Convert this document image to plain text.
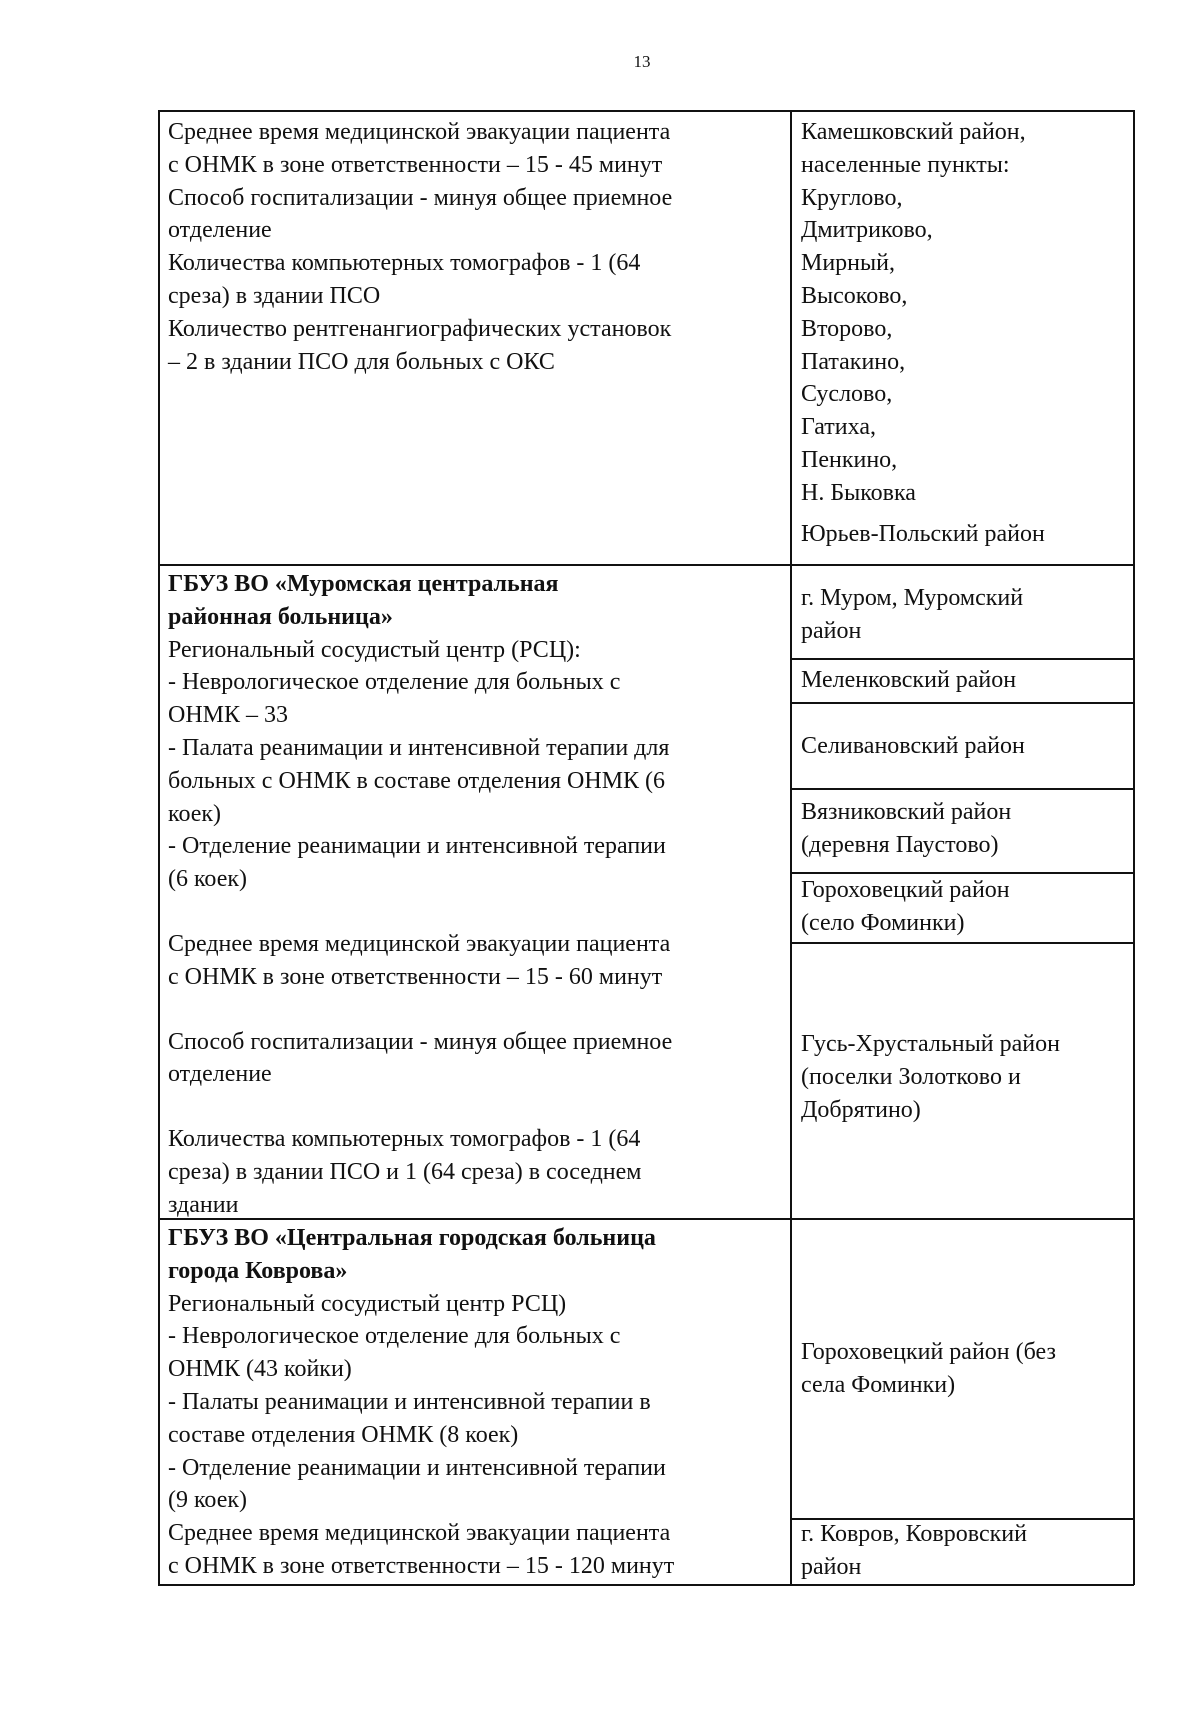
13
Среднее время медицинской эвакуации пациента
с ОНМК в зоне ответственности – 15 - 45 минут
Способ госпитализации - минуя общее приемное
отделение
Количества компьютерных томографов - 1 (64
среза) в здании ПСО
Количество рентгенангиографических установок
– 2 в здании ПСО для больных с ОКС
Камешковский район,
населенные пункты:
Круглово,
Дмитриково,
Мирный,
Высоково,
Второво,
Патакино,
Суслово,
Гатиха,
Пенкино,
Н. Быковка
Юрьев-Польский район
ГБУЗ ВО «Муромская центральная
районная больница»
Региональный сосудистый центр (РСЦ):
- Неврологическое отделение для больных с
ОНМК – 33
- Палата реанимации и интенсивной терапии для
больных с ОНМК в составе отделения ОНМК (6
коек)
- Отделение реанимации и интенсивной терапии
(6 коек)
Среднее время медицинской эвакуации пациента
с ОНМК в зоне ответственности – 15 - 60 минут
Способ госпитализации - минуя общее приемное
отделение
Количества компьютерных томографов - 1 (64
среза) в здании ПСО и 1 (64 среза) в соседнем
здании
г. Муром, Муромский
район
Меленковский район
Селивановский район
Вязниковский район
(деревня Паустово)
Гороховецкий район
(село Фоминки)
Гусь-Хрустальный район
(поселки Золотково и
Добрятино)
ГБУЗ ВО «Центральная городская больница
города Коврова»
Региональный сосудистый центр РСЦ)
- Неврологическое отделение для больных с
ОНМК (43 койки)
- Палаты реанимации и интенсивной терапии в
составе отделения ОНМК (8 коек)
- Отделение реанимации и интенсивной терапии
(9 коек)
Среднее время медицинской эвакуации пациента
с ОНМК в зоне ответственности – 15 - 120 минут
Гороховецкий район (без
села Фоминки)
г. Ковров, Ковровский
район
